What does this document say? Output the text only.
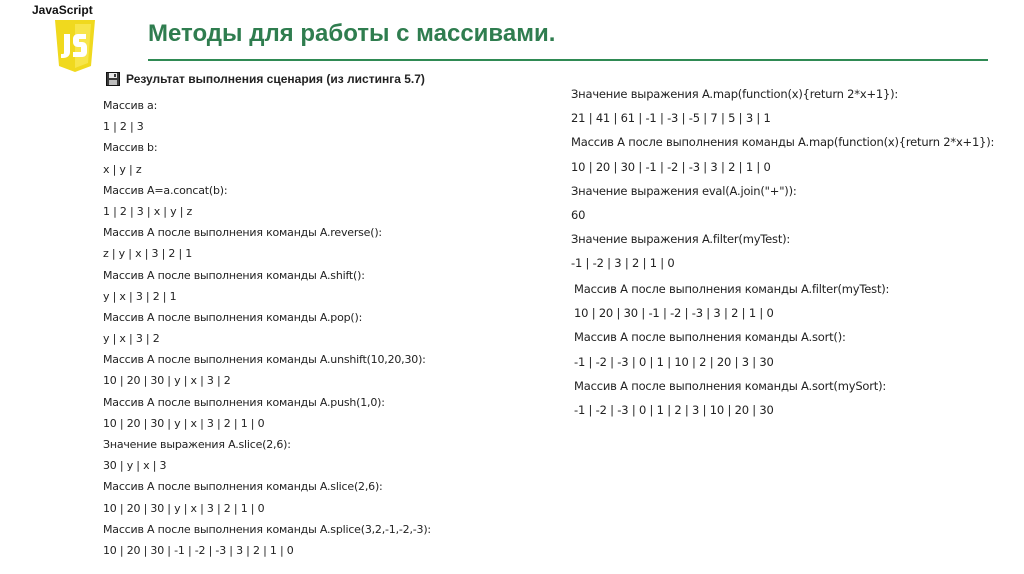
JavaScript
Методы для работы с массивами.
Результат выполнения сценария (из листинга 5.7)
Массив a:
1 | 2 | 3
Массив b:
x | y | z
Массив A=a.concat(b):
1 | 2 | 3 | x | y | z
Массив A после выполнения команды A.reverse():
z | y | x | 3 | 2 | 1
Массив A после выполнения команды A.shift():
y | x | 3 | 2 | 1
Массив A после выполнения команды A.pop():
y | x | 3 | 2
Массив A после выполнения команды A.unshift(10,20,30):
10 | 20 | 30 | y | x | 3 | 2
Массив A после выполнения команды A.push(1,0):
10 | 20 | 30 | y | x | 3 | 2 | 1 | 0
Значение выражения A.slice(2,6):
30 | y | x | 3
Массив A после выполнения команды A.slice(2,6):
10 | 20 | 30 | y | x | 3 | 2 | 1 | 0
Массив A после выполнения команды A.splice(3,2,-1,-2,-3):
10 | 20 | 30 | -1 | -2 | -3 | 3 | 2 | 1 | 0
Значение выражения A.map(function(x){return 2*x+1}):
21 | 41 | 61 | -1 | -3 | -5 | 7 | 5 | 3 | 1
Массив A после выполнения команды A.map(function(x){return 2*x+1}):
10 | 20 | 30 | -1 | -2 | -3 | 3 | 2 | 1 | 0
Значение выражения eval(A.join("+")):
60
Значение выражения A.filter(myTest):
-1 | -2 | 3 | 2 | 1 | 0
Массив A после выполнения команды A.filter(myTest):
10 | 20 | 30 | -1 | -2 | -3 | 3 | 2 | 1 | 0
Массив A после выполнения команды A.sort():
-1 | -2 | -3 | 0 | 1 | 10 | 2 | 20 | 3 | 30
Массив A после выполнения команды A.sort(mySort):
-1 | -2 | -3 | 0 | 1 | 2 | 3 | 10 | 20 | 30
